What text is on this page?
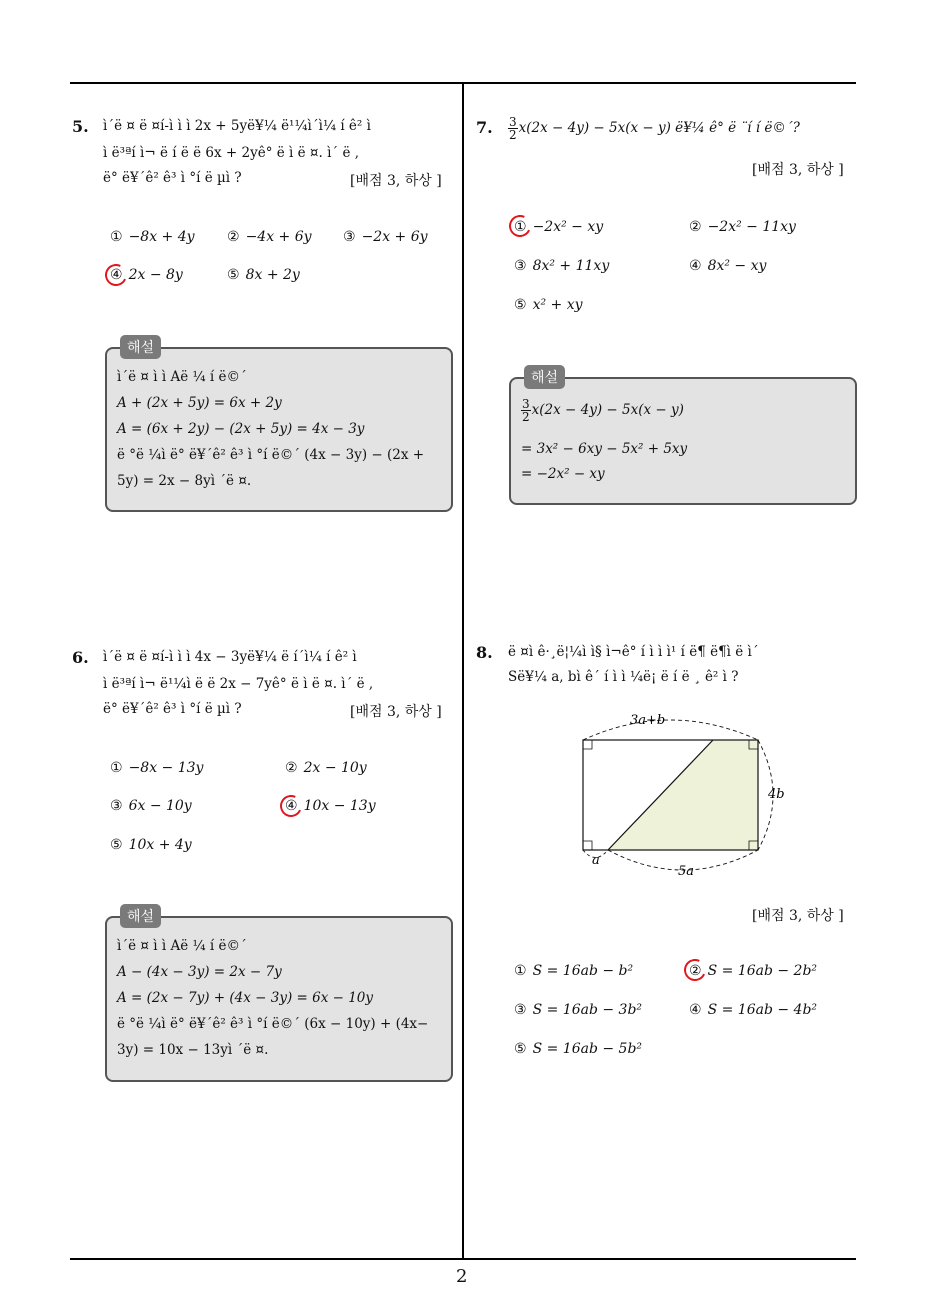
2
5. ì´ë ¤ ë ¤í-ì ì ì 2x + 5yë¥¼ ë¹¼ì´ì¼ í ê² ì
ì ë³ªí ì¬ ë í ë ë 6x + 2yê° ë ì ë ¤. ì´ ë ,
ë° ë¥´ê² ê³ ì °í ë µì ?	[배점 3, 하상 ]
① −8x + 4y ② −4x + 6y ③ −2x + 6y
④ 2x − 8y	⑤ 8x + 2y
해설
ì´ë ¤ ì ì Aë ¼ í ë©´
A + (2x + 5y) = 6x + 2y
A = (6x + 2y) − (2x + 5y) = 4x − 3y
ë °ë ¼ì ë° ë¥´ê² ê³ ì °í ë©´ (4x − 3y) − (2x +
5y) = 2x − 8yì ´ë ¤.
6. ì´ë ¤ ë ¤í-ì ì ì 4x − 3yë¥¼ ë í´ì¼ í ê² ì
ì ë³ªí ì¬ ë¹¼ì ë ë 2x − 7yê° ë ì ë ¤. ì´ ë ,
ë° ë¥´ê² ê³ ì °í ë µì ?	[배점 3, 하상 ]
① −8x − 13y	② 2x − 10y
③ 6x − 10y	④ 10x − 13y
⑤ 10x + 4y
해설
ì´ë ¤ ì ì Aë ¼ í ë©´
A − (4x − 3y) = 2x − 7y
A = (2x − 7y) + (4x − 3y) = 6x − 10y
ë °ë ¼ì ë° ë¥´ê² ê³ ì °í ë©´ (6x − 10y) + (4x−
3y) = 10x − 13yì ´ë ¤.
7. $\frac{3}{2} x(2x - 4y) - 5x(x - y)$ ë¥¼ ê° ë ¨í í ë©´?
[배점 3, 하상 ]
① −2x² − xy	② −2x² − 11xy
③ 8x² + 11xy	④ 8x² − xy
⑤ x² + xy
해설
$\frac{3}{2} x(2x - 4y) - 5x(x - y)$
= 3x² − 6xy − 5x² + 5xy
= −2x² − xy
8. ë ¤ì ê·¸ë¦¼ì ì§ ì¬ê° í ì ì ì¹ í ë¶ ë¶ì ë ì´
Së¥¼ a, bì ê´ í ì ì ¼ë¡ ë í ë ¸ ê² ì ?
3a+b
4b
a
5a
[배점 3, 하상 ]
① S = 16ab − b²	② S = 16ab − 2b²
③ S = 16ab − 3b²	④ S = 16ab − 4b²
⑤ S = 16ab − 5b²
